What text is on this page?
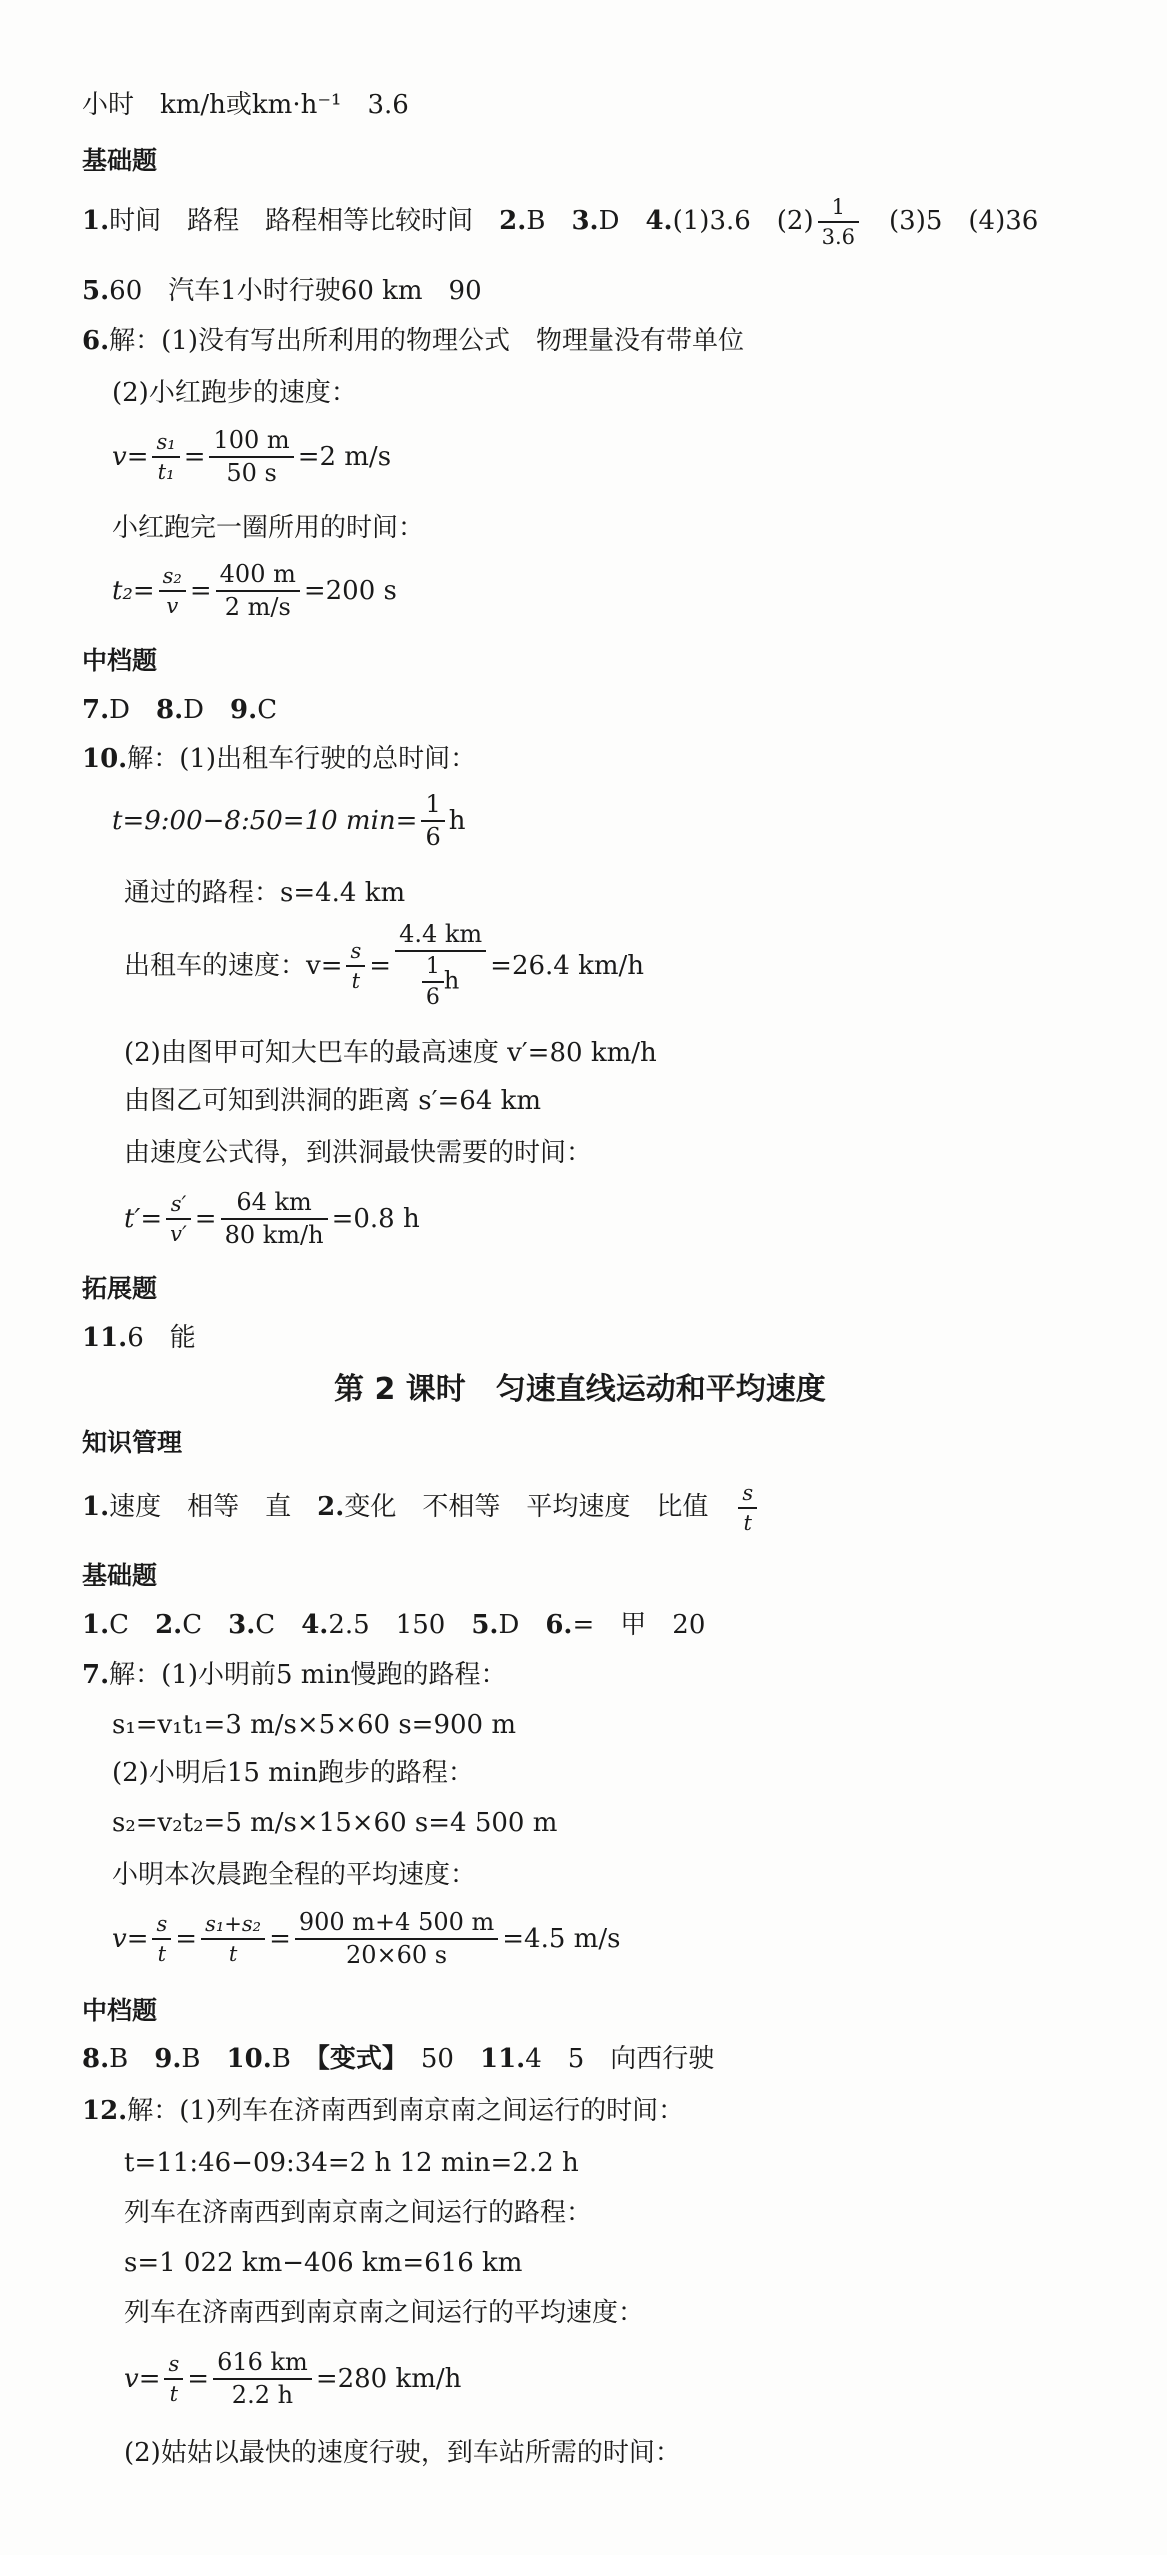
小时　km/h或km·h⁻¹　3.6
基础题
1.时间　路程　路程相等比较时间　2.B　3.D　4.(1)3.6　$(2) \frac{1}{3.6}$ 　(3)5　(4)36
5.60　汽车1小时行驶60 km　90
6.解：(1)没有写出所利用的物理公式　物理量没有带单位
(2)小红跑步的速度：
$v= \frac{\text{s₁}}{\text{t₁}} = \frac{100 m}{50 s} =2$ m/s
小红跑完一圈所用的时间：
$t_2= \frac{\text{s₂}}{v} = \frac{400 m}{2 m/s} =200$ s
中档题
7.D　8.D　9.C
10.解：(1)出租车行驶的总时间：
t=9:00−8:50=10 $\min= \frac{1}{6}$ h
通过的路程：s=4.4 km
出租车的速度：$v= \frac{s}{t} = \frac{4.4 km}{\frac{1}{6} h} =26.4$ km/h
(2)由图甲可知大巴车的最高速度 v′=80 km/h
由图乙可知到洪洞的距离 s′=64 km
由速度公式得，到洪洞最快需要的时间：
$t'= \frac{s'}{v'} = \frac{64 km}{80 km/h} =0.8$ h
拓展题
11.6　能
第 2 课时　匀速直线运动和平均速度
知识管理
1.速度　相等　直　2.变化　不相等　平均速度　比值　 $\frac{s}{t}$
基础题
1.C　2.C　3.C　4.2.5　150　5.D　6.=　甲　20
7.解：(1)小明前5 min慢跑的路程：
s₁=v₁t₁=3 m/s×5×60 s=900 m
(2)小明后15 min跑步的路程：
s₂=v₂t₂=5 m/s×15×60 s=4 500 m
小明本次晨跑全程的平均速度：
$v= \frac{s}{t} = \frac{\text{s₁+s₂}}{t} = \frac{900 m+4 500 m}{20\times 60 s} =4.5$ m/s
中档题
8.B　9.B　10.B　【变式】　50　11.4　5　向西行驶
12.解：(1)列车在济南西到南京南之间运行的时间：
t=11:46−09:34=2 h 12 min=2.2 h
列车在济南西到南京南之间运行的路程：
s=1 022 km−406 km=616 km
列车在济南西到南京南之间运行的平均速度：
$v= \frac{s}{t} = \frac{616 km}{2.2 h} =280$ km/h
(2)姑姑以最快的速度行驶，到车站所需的时间：
